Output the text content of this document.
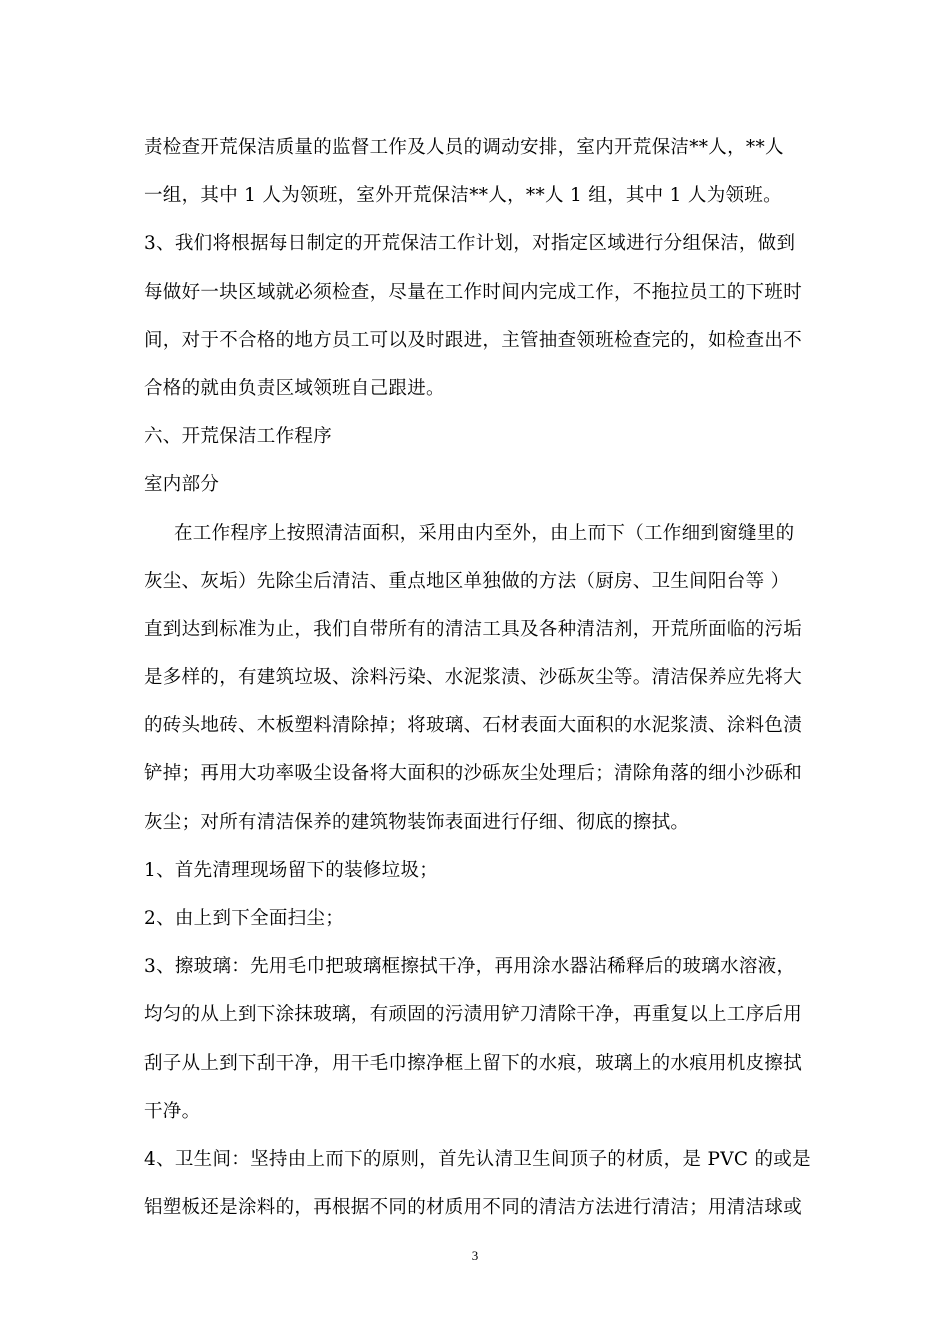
责检查开荒保洁质量的监督工作及人员的调动安排，室内开荒保洁**人，**人
一组，其中 1 人为领班，室外开荒保洁**人，**人 1 组，其中 1 人为领班。
3、我们将根据每日制定的开荒保洁工作计划，对指定区域进行分组保洁，做到
每做好一块区域就必须检查，尽量在工作时间内完成工作，不拖拉员工的下班时
间，对于不合格的地方员工可以及时跟进，主管抽查领班检查完的，如检查出不
合格的就由负责区域领班自己跟进。
六、开荒保洁工作程序
室内部分
在工作程序上按照清洁面积，采用由内至外，由上而下（工作细到窗缝里的
灰尘、灰垢）先除尘后清洁、重点地区单独做的方法（厨房、卫生间阳台等 ）
直到达到标准为止，我们自带所有的清洁工具及各种清洁剂，开荒所面临的污垢
是多样的，有建筑垃圾、涂料污染、水泥浆渍、沙砾灰尘等。清洁保养应先将大
的砖头地砖、木板塑料清除掉；将玻璃、石材表面大面积的水泥浆渍、涂料色渍
铲掉；再用大功率吸尘设备将大面积的沙砾灰尘处理后；清除角落的细小沙砾和
灰尘；对所有清洁保养的建筑物装饰表面进行仔细、彻底的擦拭。
1、首先清理现场留下的装修垃圾；
2、由上到下全面扫尘；
3、擦玻璃：先用毛巾把玻璃框擦拭干净，再用涂水器沾稀释后的玻璃水溶液，
均匀的从上到下涂抹玻璃，有顽固的污渍用铲刀清除干净，再重复以上工序后用
刮子从上到下刮干净，用干毛巾擦净框上留下的水痕，玻璃上的水痕用机皮擦拭
干净。
4、卫生间：坚持由上而下的原则，首先认清卫生间顶子的材质，是 PVC 的或是
铝塑板还是涂料的，再根据不同的材质用不同的清洁方法进行清洁；用清洁球或
3
